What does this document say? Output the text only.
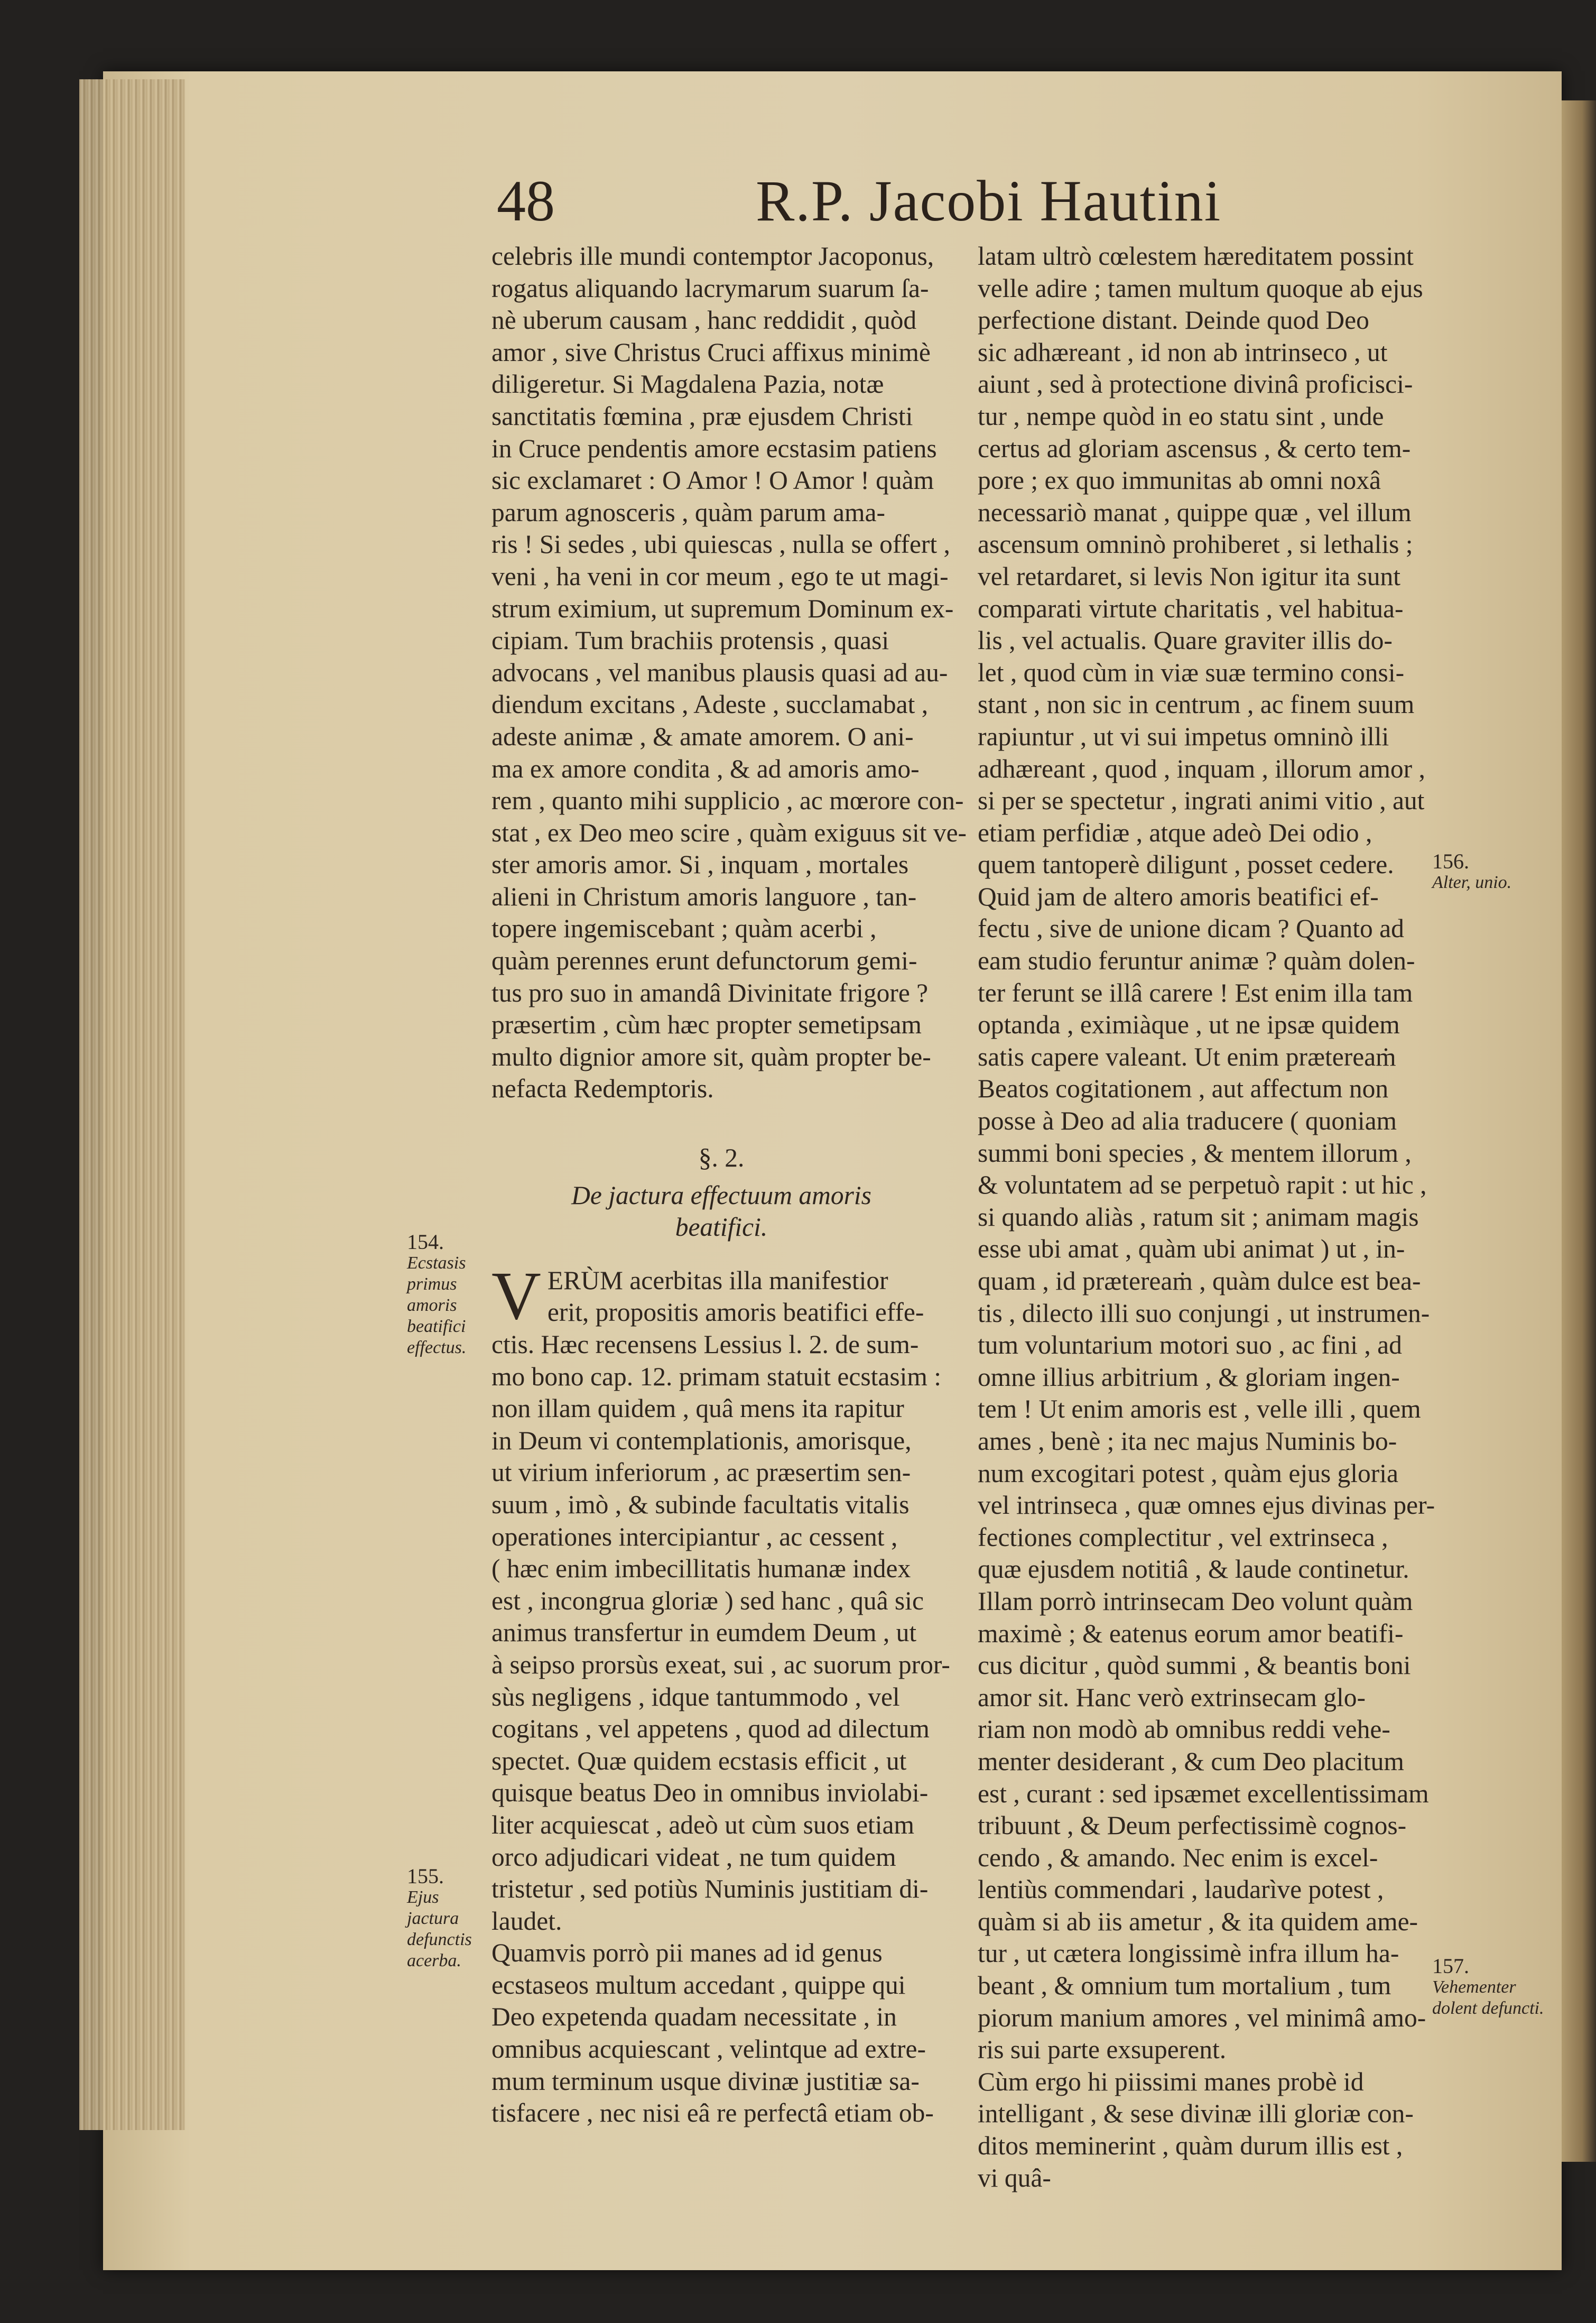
48	R.P. Jacobi Hautini
celebris ille mundi contemptor Jacoponus,
rogatus aliquando lacrymarum suarum ſa-
nè uberum causam , hanc reddidit , quòd
amor , sive Christus Cruci affixus minimè
diligeretur. Si Magdalena Pazia, notæ
sanctitatis fœmina , præ ejusdem Christi
in Cruce pendentis amore ecstasim patiens
sic exclamaret : O Amor ! O Amor ! quàm
parum agnosceris , quàm parum ama-
ris ! Si sedes , ubi quiescas , nulla se offert ,
veni , ha veni in cor meum , ego te ut magi-
strum eximium, ut supremum Dominum ex-
cipiam. Tum brachiis protensis , quasi
advocans , vel manibus plausis quasi ad au-
diendum excitans , Adeste , succlamabat ,
adeste animæ , & amate amorem. O ani-
ma ex amore condita , & ad amoris amo-
rem , quanto mihi supplicio , ac mœrore con-
stat , ex Deo meo scire , quàm exiguus sit ve-
ster amoris amor. Si , inquam , mortales
alieni in Christum amoris languore , tan-
topere ingemiscebant ; quàm acerbi ,
quàm perennes erunt defunctorum gemi-
tus pro suo in amandâ Divinitate frigore ?
præsertim , cùm hæc propter semetipsam
multo dignior amore sit, quàm propter be-
nefacta Redemptoris.
§. 2.
De jactura effectuum amoris
beatifici.
V ERÙM acerbitas illa manifestior
erit, propositis amoris beatifici effe-
ctis. Hæc recensens Lessius l. 2. de sum-
mo bono cap. 12. primam statuit ecstasim :
non illam quidem , quâ mens ita rapitur
in Deum vi contemplationis, amorisque,
ut virium inferiorum , ac præsertim sen-
suum , imò , & subinde facultatis vitalis
operationes intercipiantur , ac cessent ,
( hæc enim imbecillitatis humanæ index
est , incongrua gloriæ ) sed hanc , quâ sic
animus transfertur in eumdem Deum , ut
à seipso prorsùs exeat, sui , ac suorum pror-
sùs negligens , idque tantummodo , vel
cogitans , vel appetens , quod ad dilectum
spectet. Quæ quidem ecstasis efficit , ut
quisque beatus Deo in omnibus inviolabi-
liter acquiescat , adeò ut cùm suos etiam
orco adjudicari videat , ne tum quidem
tristetur , sed potiùs Numinis justitiam di-
laudet.
Quamvis porrò pii manes ad id genus
ecstaseos multum accedant , quippe qui
Deo expetenda quadam necessitate , in
omnibus acquiescant , velintque ad extre-
mum terminum usque divinæ justitiæ sa-
tisfacere , nec nisi eâ re perfectâ etiam ob-
latam ultrò cœlestem hæreditatem possint
velle adire ; tamen multum quoque ab ejus
perfectione distant. Deinde quod Deo
sic adhæreant , id non ab intrinseco , ut
aiunt , sed à protectione divinâ proficisci-
tur , nempe quòd in eo statu sint , unde
certus ad gloriam ascensus , & certo tem-
pore ; ex quo immunitas ab omni noxâ
necessariò manat , quippe quæ , vel illum
ascensum omninò prohiberet , si lethalis ;
vel retardaret, si levis Non igitur ita sunt
comparati virtute charitatis , vel habitua-
lis , vel actualis. Quare graviter illis do-
let , quod cùm in viæ suæ termino consi-
stant , non sic in centrum , ac finem suum
rapiuntur , ut vi sui impetus omninò illi
adhæreant , quod , inquam , illorum amor ,
si per se spectetur , ingrati animi vitio , aut
etiam perfidiæ , atque adeò Dei odio ,
quem tantoperè diligunt , posset cedere.
Quid jam de altero amoris beatifici ef-
fectu , sive de unione dicam ? Quanto ad
eam studio feruntur animæ ? quàm dolen-
ter ferunt se illâ carere ! Est enim illa tam
optanda , eximiàque , ut ne ipsæ quidem
satis capere valeant. Ut enim prætereaṁ
Beatos cogitationem , aut affectum non
posse à Deo ad alia traducere ( quoniam
summi boni species , & mentem illorum ,
& voluntatem ad se perpetuò rapit : ut hic ,
si quando aliàs , ratum sit ; animam magis
esse ubi amat , quàm ubi animat ) ut , in-
quam , id prætereaṁ , quàm dulce est bea-
tis , dilecto illi suo conjungi , ut instrumen-
tum voluntarium motori suo , ac fini , ad
omne illius arbitrium , & gloriam ingen-
tem ! Ut enim amoris est , velle illi , quem
ames , benè ; ita nec majus Numinis bo-
num excogitari potest , quàm ejus gloria
vel intrinseca , quæ omnes ejus divinas per-
fectiones complectitur , vel extrinseca ,
quæ ejusdem notitiâ , & laude continetur.
Illam porrò intrinsecam Deo volunt quàm
maximè ; & eatenus eorum amor beatifi-
cus dicitur , quòd summi , & beantis boni
amor sit. Hanc verò extrinsecam glo-
riam non modò ab omnibus reddi vehe-
menter desiderant , & cum Deo placitum
est , curant : sed ipsæmet excellentissimam
tribuunt , & Deum perfectissimè cognos-
cendo , & amando. Nec enim is excel-
lentiùs commendari , laudarìve potest ,
quàm si ab iis ametur , & ita quidem ame-
tur , ut cætera longissimè infra illum ha-
beant , & omnium tum mortalium , tum
piorum manium amores , vel minimâ amo-
ris sui parte exsuperent.
Cùm ergo hi piissimi manes probè id
intelligant , & sese divinæ illi gloriæ con-
ditos meminerint , quàm durum illis est ,
vi quâ-
154.
Ecstasis primus amoris beatifici effectus.
155.
Ejus jactura defunctis acerba.
156.
Alter, unio.
157.
Vehementer dolent defuncti.
